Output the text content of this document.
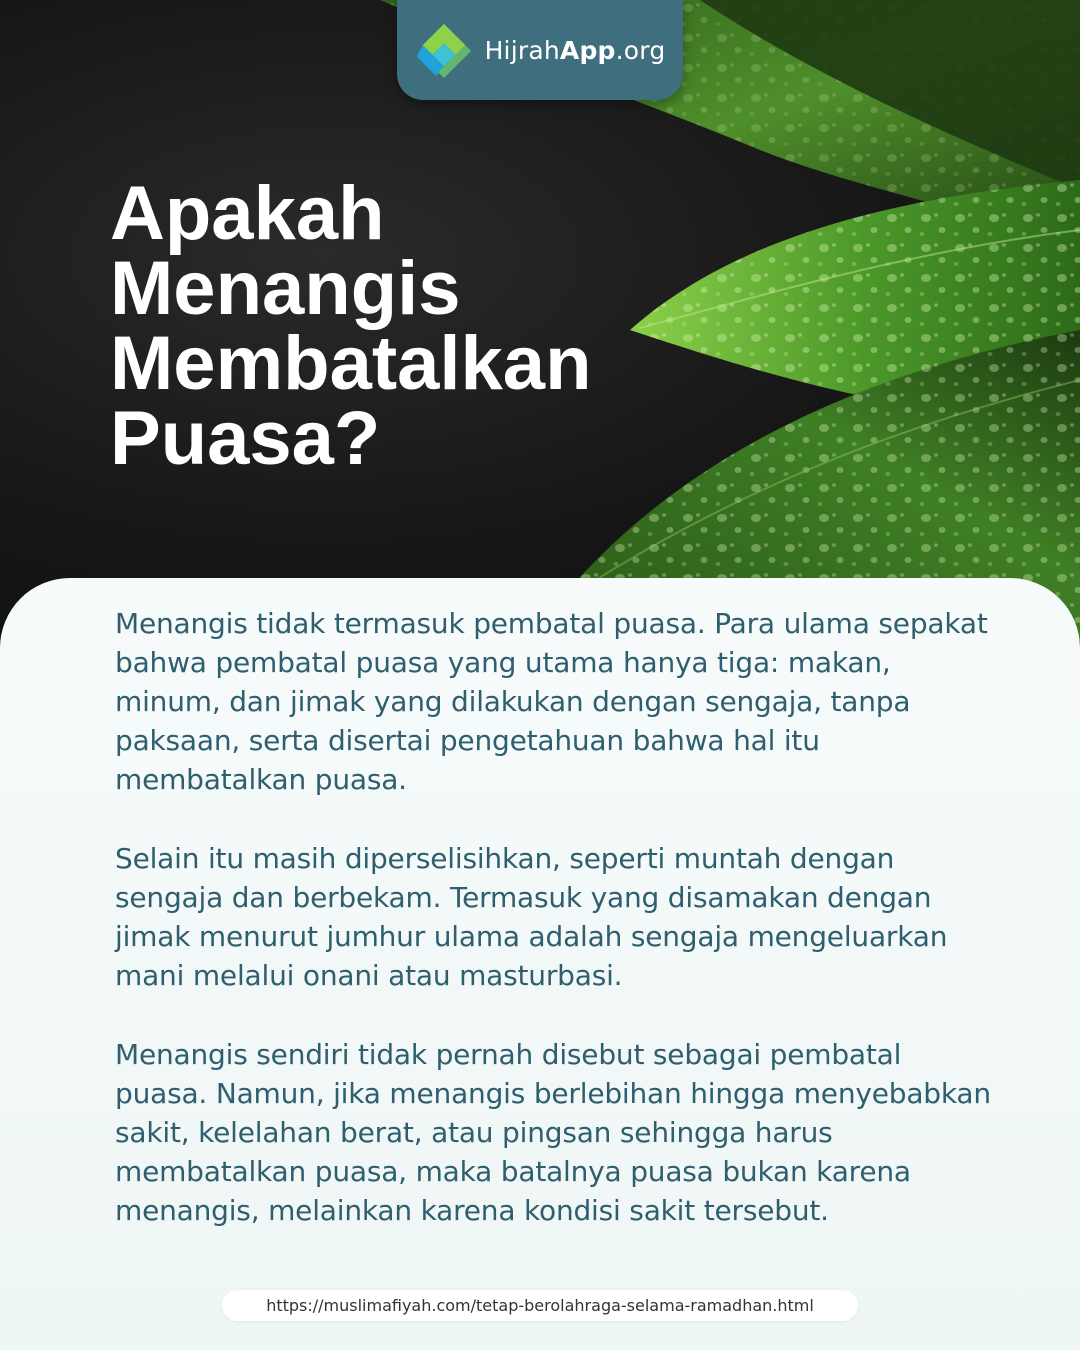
HijrahApp.org
Apakah
Menangis
Membatalkan
Puasa?

Menangis tidak termasuk pembatal puasa. Para ulama sepakat bahwa pembatal puasa yang utama hanya tiga: makan, minum, dan jimak yang dilakukan dengan sengaja, tanpa paksaan, serta disertai pengetahuan bahwa hal itu membatalkan puasa.

Selain itu masih diperselisihkan, seperti muntah dengan sengaja dan berbekam. Termasuk yang disamakan dengan jimak menurut jumhur ulama adalah sengaja mengeluarkan mani melalui onani atau masturbasi.

Menangis sendiri tidak pernah disebut sebagai pembatal puasa. Namun, jika menangis berlebihan hingga menyebabkan sakit, kelelahan berat, atau pingsan sehingga harus membatalkan puasa, maka batalnya puasa bukan karena menangis, melainkan karena kondisi sakit tersebut.

https://muslimafiyah.com/tetap-berolahraga-selama-ramadhan.html
